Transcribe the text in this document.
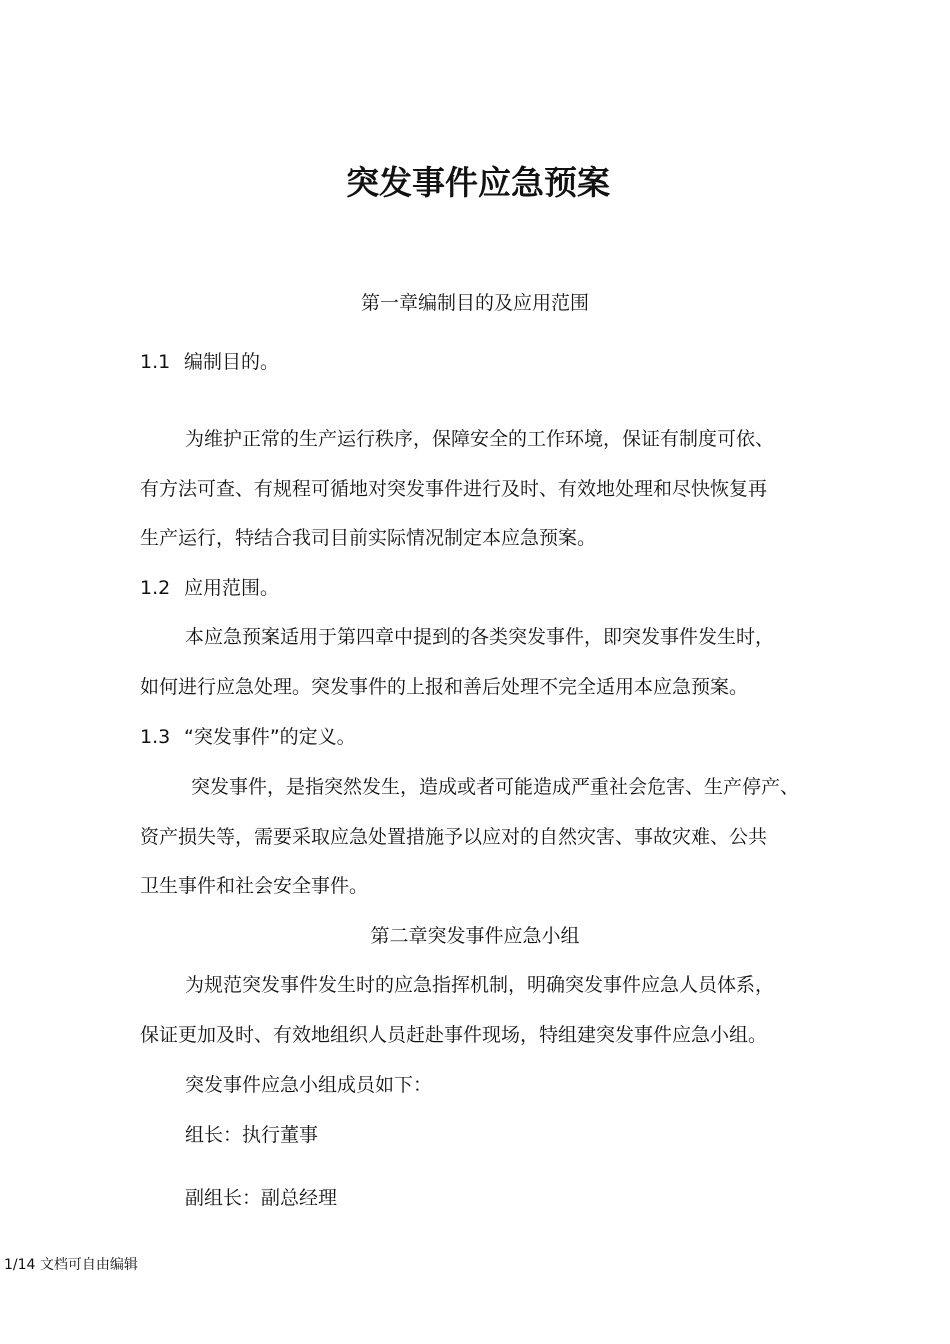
突发事件应急预案
第一章编制目的及应用范围
1.1 编制目的。
为维护正常的生产运行秩序，保障安全的工作环境，保证有制度可依、
有方法可查、有规程可循地对突发事件进行及时、有效地处理和尽快恢复再
生产运行，特结合我司目前实际情况制定本应急预案。
1.2 应用范围。
本应急预案适用于第四章中提到的各类突发事件，即突发事件发生时，
如何进行应急处理。突发事件的上报和善后处理不完全适用本应急预案。
1.3 “突发事件”的定义。
突发事件，是指突然发生，造成或者可能造成严重社会危害、生产停产、
资产损失等，需要采取应急处置措施予以应对的自然灾害、事故灾难、公共
卫生事件和社会安全事件。
第二章突发事件应急小组
为规范突发事件发生时的应急指挥机制，明确突发事件应急人员体系，
保证更加及时、有效地组织人员赶赴事件现场，特组建突发事件应急小组。
突发事件应急小组成员如下：
组长：执行董事
副组长：副总经理
1/14 文档可自由编辑
